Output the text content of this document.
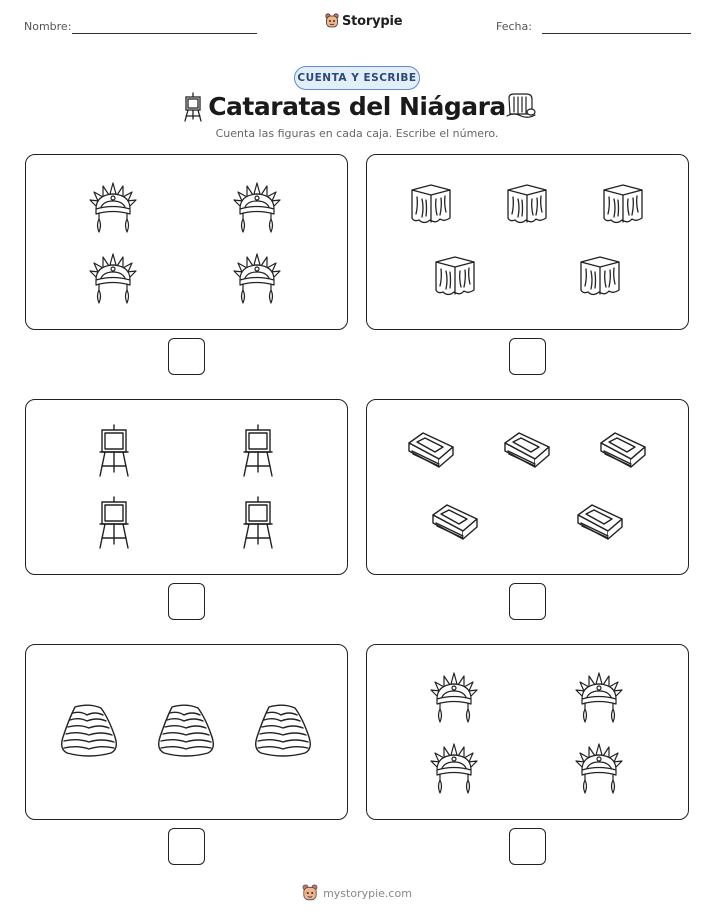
Nombre:	Storypie	Fecha:
CUENTA Y ESCRIBE
Cataratas del Niágara
Cuenta las figuras en cada caja. Escribe el número.
mystorypie.com
